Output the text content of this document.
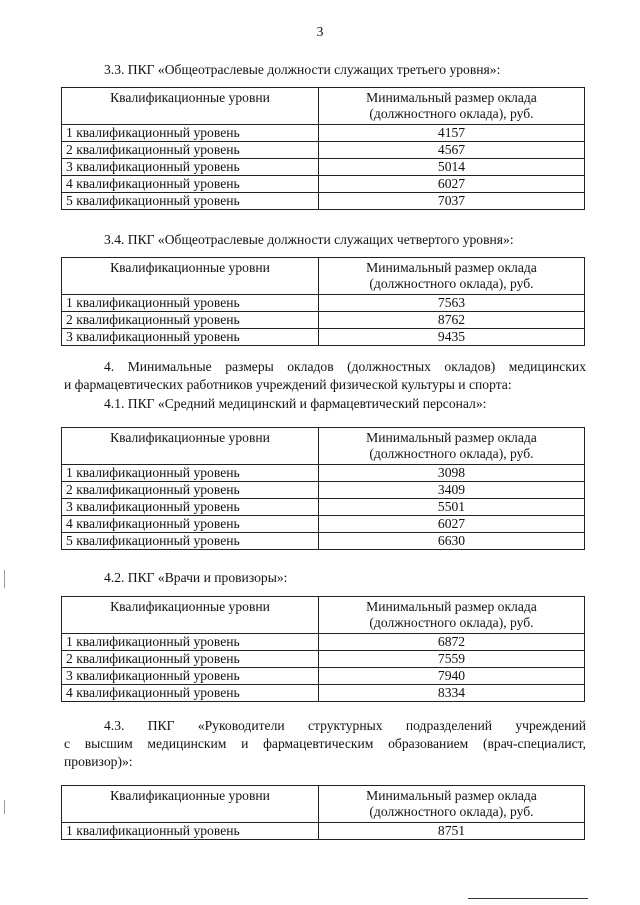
3
3.3. ПКГ «Общеотраслевые должности служащих третьего уровня»:
Квалификационные уровни	Минимальный размер оклада
(должностного оклада), руб.
1 квалификационный уровень	4157
2 квалификационный уровень	4567
3 квалификационный уровень	5014
4 квалификационный уровень	6027
5 квалификационный уровень	7037
3.4. ПКГ «Общеотраслевые должности служащих четвертого уровня»:
Квалификационные уровни	Минимальный размер оклада
(должностного оклада), руб.
1 квалификационный уровень	7563
2 квалификационный уровень	8762
3 квалификационный уровень	9435
4. Минимальные размеры окладов (должностных окладов) медицинских
и фармацевтических работников учреждений физической культуры и спорта:
4.1. ПКГ «Средний медицинский и фармацевтический персонал»:
Квалификационные уровни	Минимальный размер оклада
(должностного оклада), руб.
1 квалификационный уровень	3098
2 квалификационный уровень	3409
3 квалификационный уровень	5501
4 квалификационный уровень	6027
5 квалификационный уровень	6630
4.2. ПКГ «Врачи и провизоры»:
Квалификационные уровни	Минимальный размер оклада
(должностного оклада), руб.
1 квалификационный уровень	6872
2 квалификационный уровень	7559
3 квалификационный уровень	7940
4 квалификационный уровень	8334
4.3. ПКГ «Руководители структурных подразделений учреждений
с высшим медицинским и фармацевтическим образованием (врач-специалист,
провизор)»:
Квалификационные уровни	Минимальный размер оклада
(должностного оклада), руб.
1 квалификационный уровень	8751
